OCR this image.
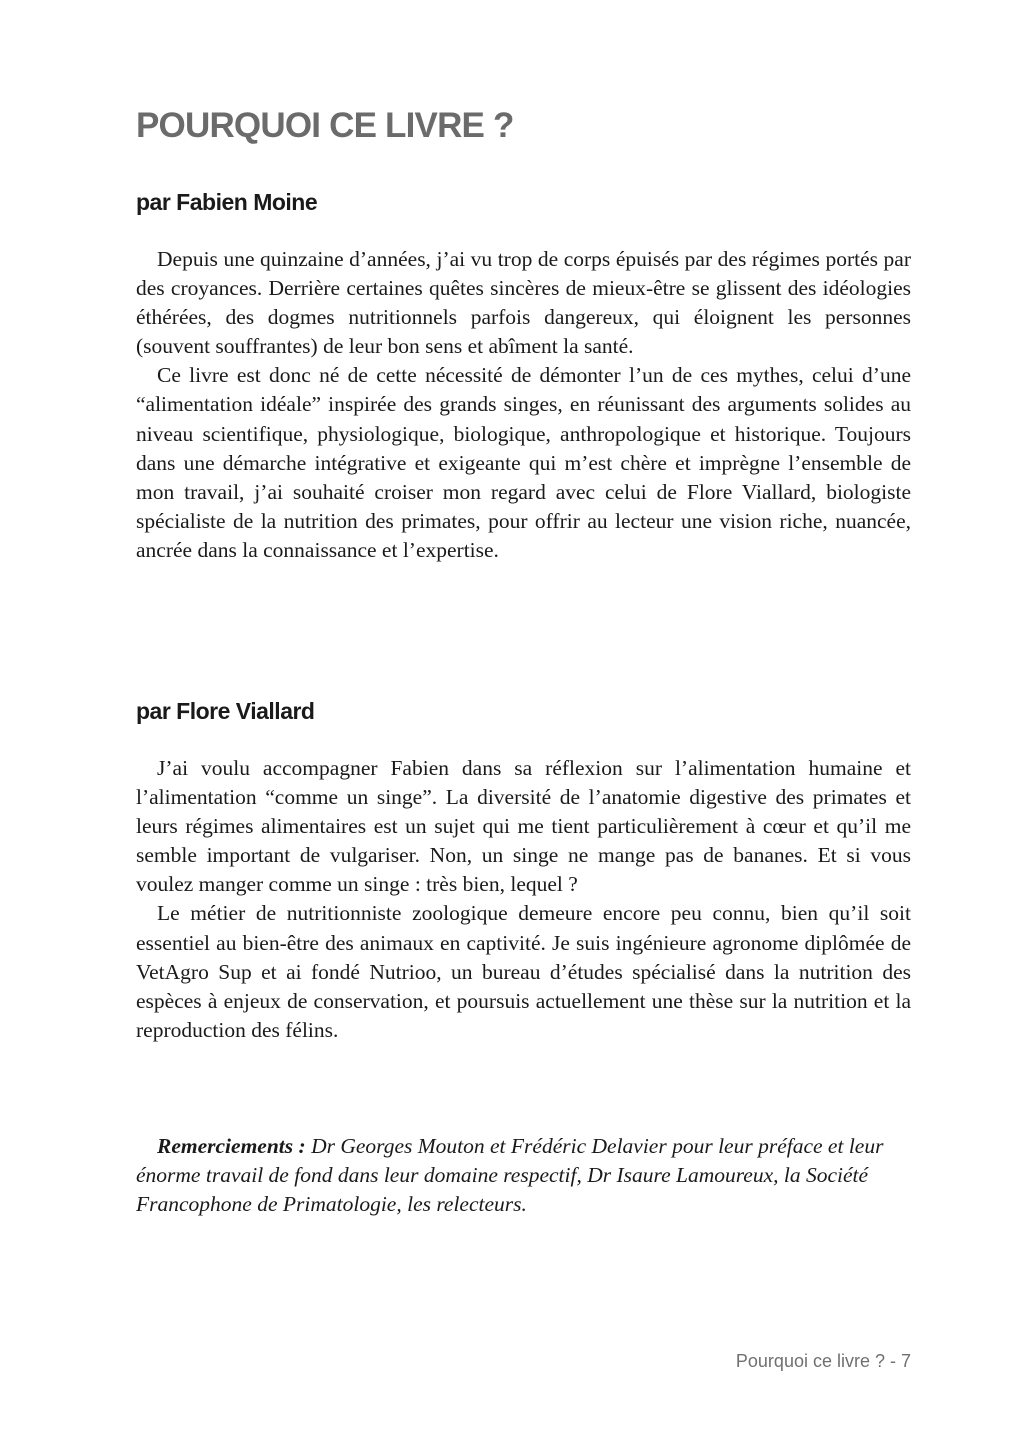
POURQUOI CE LIVRE ?
par Fabien Moine

Depuis une quinzaine d’années, j’ai vu trop de corps épuisés par des régimes portés par des croyances. Derrière certaines quêtes sincères de mieux-être se glissent des idéologies éthérées, des dogmes nutritionnels parfois dangereux, qui éloignent les personnes (souvent souffrantes) de leur bon sens et abîment la santé.

Ce livre est donc né de cette nécessité de démonter l’un de ces mythes, celui d’une “alimentation idéale” inspirée des grands singes, en réunissant des arguments solides au niveau scientifique, physiologique, biologique, anthropologique et historique. Toujours dans une démarche intégrative et exigeante qui m’est chère et imprègne l’ensemble de mon travail, j’ai souhaité croiser mon regard avec celui de Flore Viallard, biologiste spécialiste de la nutrition des primates, pour offrir au lecteur une vision riche, nuancée, ancrée dans la connaissance et l’expertise.

par Flore Viallard

J’ai voulu accompagner Fabien dans sa réflexion sur l’alimentation humaine et l’alimentation “comme un singe”. La diversité de l’anatomie digestive des primates et leurs régimes alimentaires est un sujet qui me tient particulièrement à cœur et qu’il me semble important de vulgariser. Non, un singe ne mange pas de bananes. Et si vous voulez manger comme un singe : très bien, lequel ?

Le métier de nutritionniste zoologique demeure encore peu connu, bien qu’il soit essentiel au bien-être des animaux en captivité. Je suis ingénieure agronome diplômée de VetAgro Sup et ai fondé Nutrioo, un bureau d’études spécialisé dans la nutrition des espèces à enjeux de conservation, et poursuis actuellement une thèse sur la nutrition et la reproduction des félins.

Remerciements : Dr Georges Mouton et Frédéric Delavier pour leur préface et leur énorme travail de fond dans leur domaine respectif, Dr Isaure Lamoureux, la Société Francophone de Primatologie, les relecteurs.

Pourquoi ce livre ? - 7
